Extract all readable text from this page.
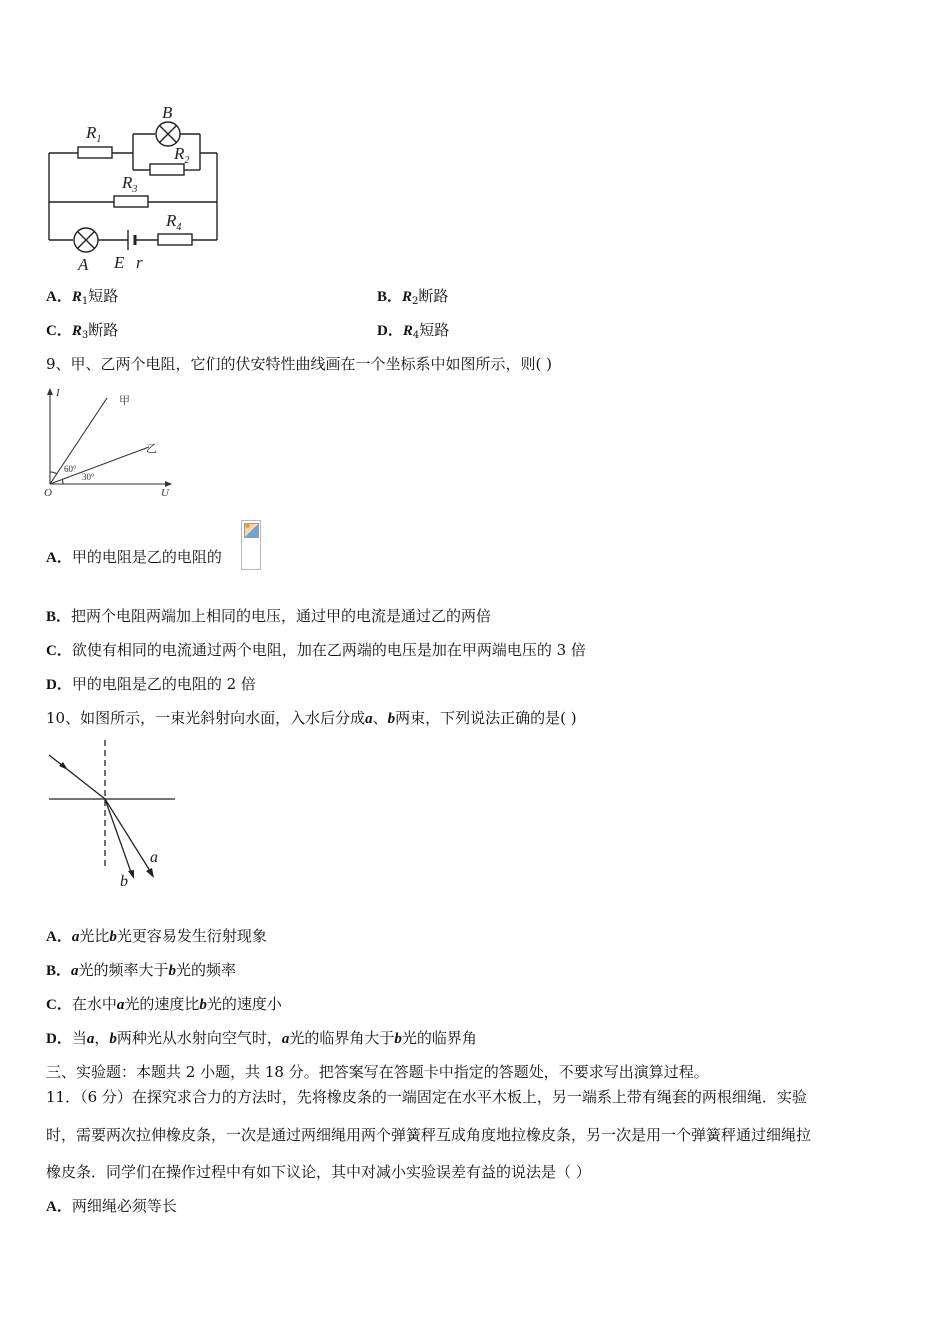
B
$R_1$
$R_2$
$R_3$
$R_4$
A E r
A．$R_1$短路	B．$R_2$断路
C．$R_3$断路	D．$R_4$短路
9、甲、乙两个电阻，它们的伏安特性曲线画在一个坐标系中如图所示，则( )
I
U
O
甲
乙
60°
30°
A．甲的电阻是乙的电阻的
B．把两个电阻两端加上相同的电压，通过甲的电流是通过乙的两倍
C．欲使有相同的电流通过两个电阻，加在乙两端的电压是加在甲两端电压的 3 倍
D．甲的电阻是乙的电阻的 2 倍
10、如图所示，一束光斜射向水面，入水后分成a、b两束，下列说法正确的是( )
a
b
A．a光比b光更容易发生衍射现象
B．a光的频率大于b光的频率
C．在水中a光的速度比b光的速度小
D．当a，b两种光从水射向空气时，a光的临界角大于b光的临界角
三、实验题：本题共 2 小题，共 18 分。把答案写在答题卡中指定的答题处，不要求写出演算过程。
11．（6 分）在探究求合力的方法时，先将橡皮条的一端固定在水平木板上，另一端系上带有绳套的两根细绳．实验
时，需要两次拉伸橡皮条，一次是通过两细绳用两个弹簧秤互成角度地拉橡皮条，另一次是用一个弹簧秤通过细绳拉
橡皮条．同学们在操作过程中有如下议论，其中对减小实验误差有益的说法是（ ）
A．两细绳必须等长
